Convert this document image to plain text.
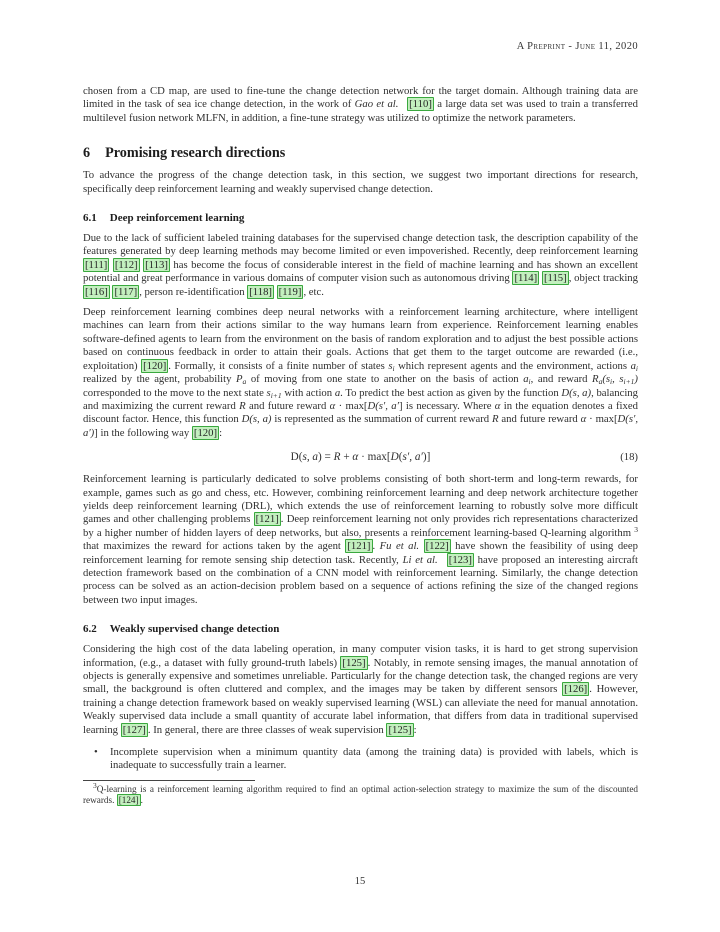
A Preprint - June 11, 2020

chosen from a CD map, are used to fine-tune the change detection network for the target domain. Although training data are limited in the task of sea ice change detection, in the work of Gao et al.  [110] a large data set was used to train a transferred multilevel fusion network MLFN, in addition, a fine-tune strategy was utilized to optimize the network parameters.

6 Promising research directions

To advance the progress of the change detection task, in this section, we suggest two important directions for research, specifically deep reinforcement learning and weakly supervised change detection.

6.1 Deep reinforcement learning

Due to the lack of sufficient labeled training databases for the supervised change detection task, the description capability of the features generated by deep learning methods may become limited or even impoverished. Recently, deep reinforcement learning [111] [112] [113] has become the focus of considerable interest in the field of machine learning and has shown an excellent potential and great performance in various domains of computer vision such as autonomous driving [114] [115] , object tracking [116] [117] , person re-identification [118] [119] , etc.

Deep reinforcement learning combines deep neural networks with a reinforcement learning architecture, where intelligent machines can learn from their actions similar to the way humans learn from experience. Reinforcement learning enables software-defined agents to learn from the environment on the basis of random exploration and to adjust the best possible actions based on continuous feedback in order to attain their goals. Actions that get them to the target outcome are rewarded (i.e., exploitation) [120] . Formally, it consists of a finite number of states $s_i$ which represent agents and the environment, actions $a_i$ realized by the agent, probability $P_a$ of moving from one state to another on the basis of action $a_i$, and reward $R_a(s_i$, $s_{i+1}$) corresponded to the move to the next state $s_{i+1}$ with action a. To predict the best action as given by the function D(s, a), balancing and maximizing the current reward R and future reward α · max[D(s′, a′] is necessary. Where α in the equation denotes a fixed discount factor. Hence, this function D(s, a) is represented as the summation of current reward R and future reward α · max[D(s′, a′)] in the following way [120] :

D(s, a) = R + α · max[D(s′, a′)]	(18)

Reinforcement learning is particularly dedicated to solve problems consisting of both short-term and long-term rewards, for example, games such as go and chess, etc. However, combining reinforcement learning and deep network architecture together yields deep reinforcement learning (DRL), which extends the use of reinforcement learning to robustly solve more difficult games and other challenging problems [121] . Deep reinforcement learning not only provides rich representations characterized by a higher number of hidden layers of deep networks, but also, presents a reinforcement learning-based Q-learning algorithm $^3$ that maximizes the reward for actions taken by the agent [121] . Fu et al. [122] have shown the feasibility of using deep reinforcement learning for remote sensing ship detection task. Recently, Li et al.  [123] have proposed an interesting aircraft detection framework based on the combination of a CNN model with reinforcement learning. Similarly, the change detection process can be solved as an action-decision problem based on a sequence of actions refining the size of the changed regions between two input images.

6.2 Weakly supervised change detection

Considering the high cost of the data labeling operation, in many computer vision tasks, it is hard to get strong supervision information, (e.g., a dataset with fully ground-truth labels) [125] . Notably, in remote sensing images, the manual annotation of objects is generally expensive and sometimes unreliable. Particularly for the change detection task, the changed regions are very small, the background is often cluttered and complex, and the images may be taken by different sensors [126] . However, training a change detection framework based on weakly supervised learning (WSL) can alleviate the need for manual annotation. Weakly supervised data include a small quantity of accurate label information, that differs from data in traditional supervised learning [127] . In general, there are three classes of weak supervision [125] :

• Incomplete supervision when a minimum quantity data (among the training data) is provided with labels, which is inadequate to successfully train a learner.
$^3$Q-learning is a reinforcement learning algorithm required to find an optimal action-selection strategy to maximize the sum of the discounted rewards. [124] .
15
